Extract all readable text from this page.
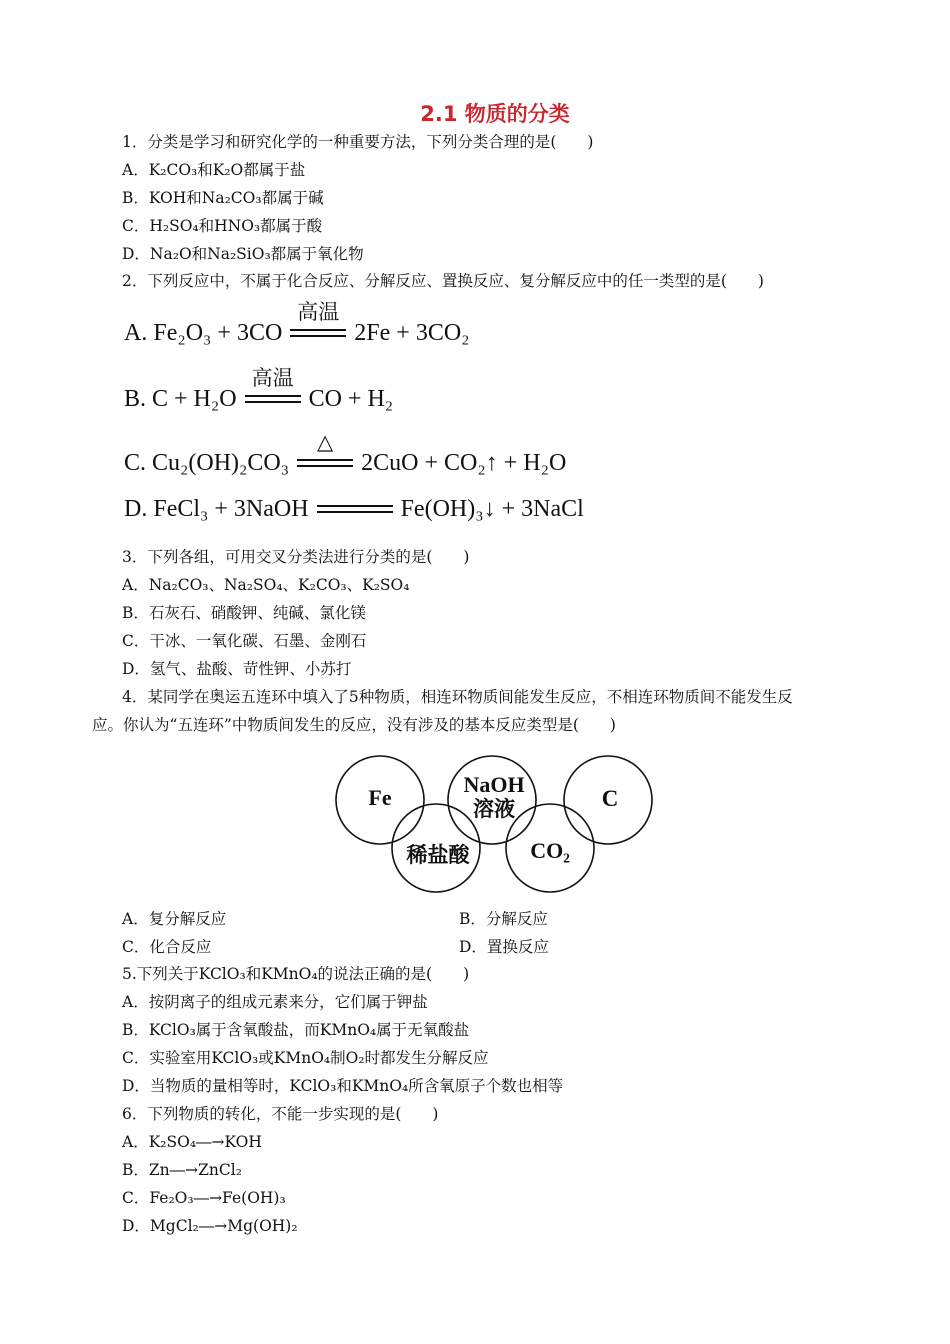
2.1 物质的分类
1．分类是学习和研究化学的一种重要方法，下列分类合理的是(　　)
A．K₂CO₃和K₂O都属于盐
B．KOH和Na₂CO₃都属于碱
C．H₂SO₄和HNO₃都属于酸
D．Na₂O和Na₂SiO₃都属于氧化物
2．下列反应中，不属于化合反应、分解反应、置换反应、复分解反应中的任一类型的是(　　)
A. Fe₂O₃ + 3CO
高温
2Fe + 3CO₂
B. C + H₂O
高温
CO + H₂
C. Cu₂(OH)₂CO₃
△
2CuO + CO₂↑ + H₂O
D. FeCl₃ + 3NaOH	Fe(OH)₃↓ + 3NaCl
3．下列各组，可用交叉分类法进行分类的是(　　)
A．Na₂CO₃、Na₂SO₄、K₂CO₃、K₂SO₄
B．石灰石、硝酸钾、纯碱、氯化镁
C．干冰、一氧化碳、石墨、金刚石
D．氢气、盐酸、苛性钾、小苏打
4．某同学在奥运五连环中填入了5种物质，相连环物质间能发生反应，不相连环物质间不能发生反
应。你认为“五连环”中物质间发生的反应，没有涉及的基本反应类型是(　　)
Fe
NaOH
溶液	C
稀盐酸	CO₂
A．复分解反应	B．分解反应
C．化合反应	D．置换反应
5.下列关于KClO₃和KMnO₄的说法正确的是(　　)
A．按阴离子的组成元素来分，它们属于钾盐
B．KClO₃属于含氧酸盐，而KMnO₄属于无氧酸盐
C．实验室用KClO₃或KMnO₄制O₂时都发生分解反应
D．当物质的量相等时，KClO₃和KMnO₄所含氧原子个数也相等
6．下列物质的转化，不能一步实现的是(　　)
A．K₂SO₄―→KOH
B．Zn―→ZnCl₂
C．Fe₂O₃―→Fe(OH)₃
D．MgCl₂―→Mg(OH)₂
